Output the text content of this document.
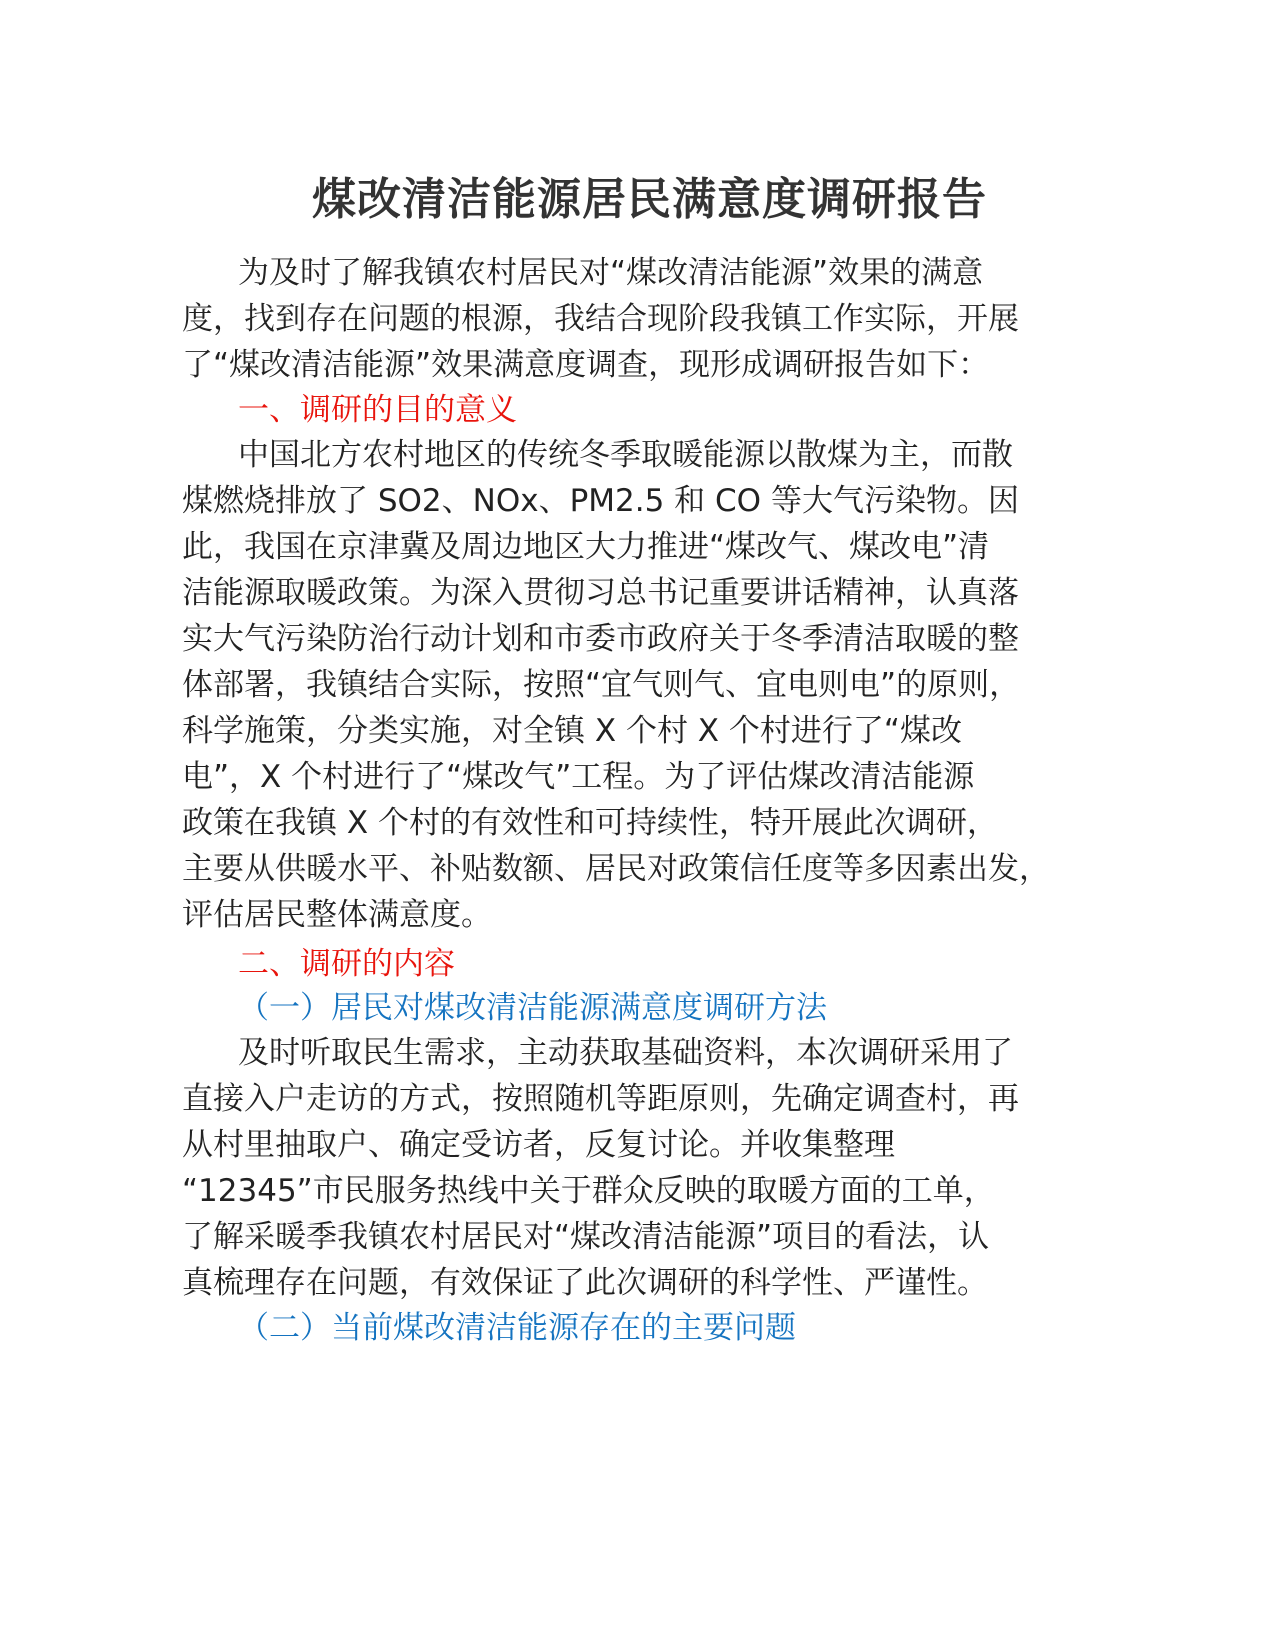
煤改清洁能源居民满意度调研报告

为及时了解我镇农村居民对“煤改清洁能源”效果的满意

度，找到存在问题的根源，我结合现阶段我镇工作实际，开展

了“煤改清洁能源”效果满意度调查，现形成调研报告如下：

一、调研的目的意义

中国北方农村地区的传统冬季取暖能源以散煤为主，而散

煤燃烧排放了 SO2、NOx、PM2.5 和 CO 等大气污染物。因

此，我国在京津冀及周边地区大力推进“煤改气、煤改电”清

洁能源取暖政策。为深入贯彻习总书记重要讲话精神，认真落

实大气污染防治行动计划和市委市政府关于冬季清洁取暖的整

体部署，我镇结合实际，按照“宜气则气、宜电则电”的原则，

科学施策，分类实施，对全镇 X 个村 X 个村进行了“煤改

电”，X 个村进行了“煤改气”工程。为了评估煤改清洁能源

政策在我镇 X 个村的有效性和可持续性，特开展此次调研，

主要从供暖水平、补贴数额、居民对政策信任度等多因素出发，

评估居民整体满意度。

二、调研的内容
（一）居民对煤改清洁能源满意度调研方法

及时听取民生需求，主动获取基础资料，本次调研采用了

直接入户走访的方式，按照随机等距原则，先确定调查村，再

从村里抽取户、确定受访者，反复讨论。并收集整理

“12345”市民服务热线中关于群众反映的取暖方面的工单，

了解采暖季我镇农村居民对“煤改清洁能源”项目的看法，认

真梳理存在问题，有效保证了此次调研的科学性、严谨性。

（二）当前煤改清洁能源存在的主要问题
